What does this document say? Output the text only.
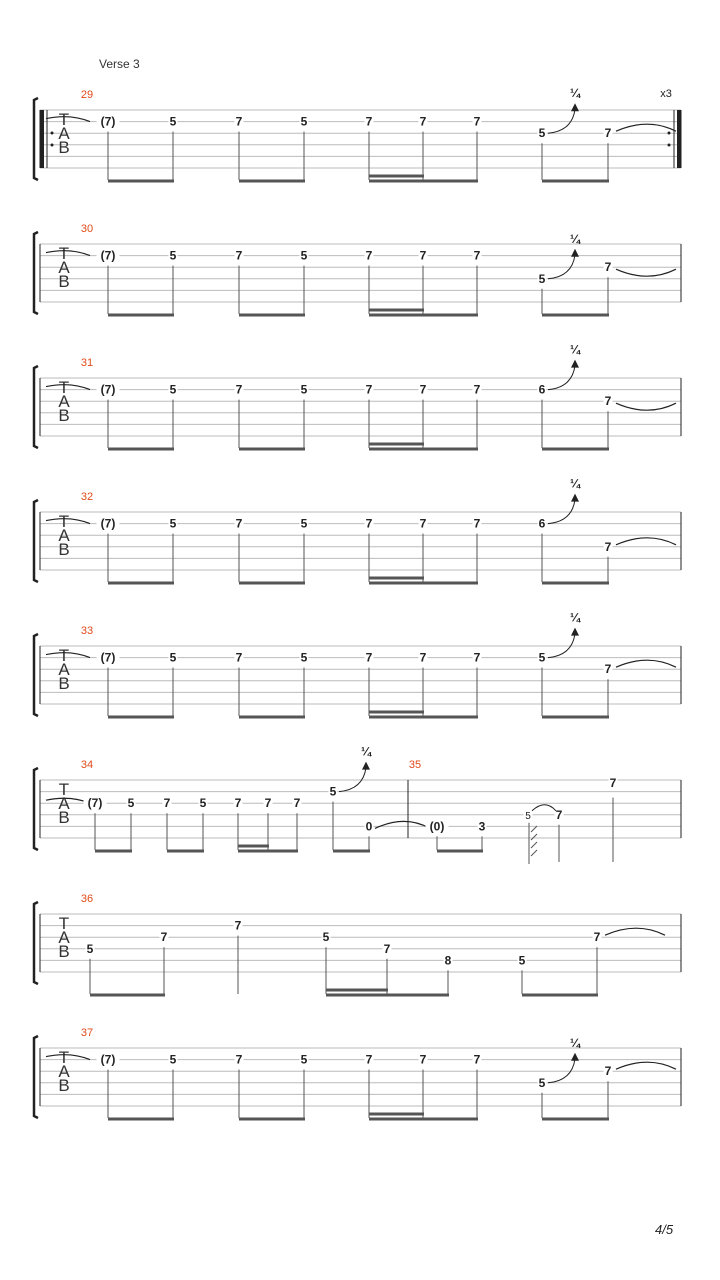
Verse 3
T
A
B
29
(7)	5	7	5	7	7	7
5
¼
7
T
A
B
30
(7)	5	7	5	7	7	7
5
¼
7
T
A
B
31
(7)	5	7	5	7	7	7	6
¼
7
T
A
B
32
(7)	5	7	5	7	7	7	6
¼
7
T
A
B
33
(7)	5	7	5	7	7	7	5
¼
7
T
A
B
34
(7) 5 7 5 7 7 7
5
¼
35
0	(0)	3
5 7
7
T
A
B
36
5
7
7
5
7
8	5
7
T
A
B
37
(7)	5	7	5	7	7	7
5
¼
7
x3
4/5
